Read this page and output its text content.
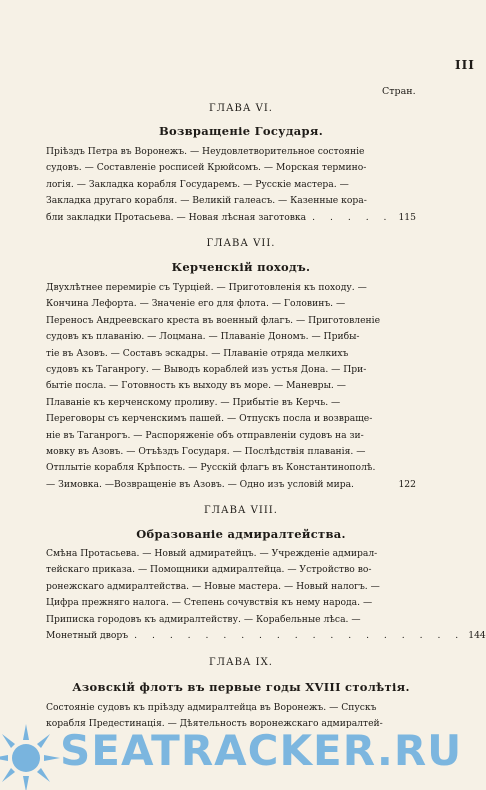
III
Стран.
ГЛАВА VI.
Возвращеніе Государя.
Пріѣздъ Петра въ Воронежъ. — Неудовлетворительное состояніе
судовъ. — Составленіе росписей Крюйсомъ. — Морская термино-
логія. — Закладка корабля Государемъ. — Русскіе мастера. —
Закладка другаго корабля. — Великій галеасъ. — Казенные кора-
бли закладки Протасьева. — Новая лѣсная заготовка . . . . . 115
ГЛАВА VII.
Керченскій походъ.
Двухлѣтнее перемиріе съ Турціей. — Приготовленія къ походу. —
Кончина Лефорта. — Значеніе его для флота. — Головинъ. —
Переносъ Андреевскаго креста въ военный флагъ. — Приготовленіе
судовъ къ плаванію. — Лоцмана. — Плаваніе Дономъ. — Прибы-
тіе въ Азовъ. — Составъ эскадры. — Плаваніе отряда мелкихъ
судовъ къ Таганрогу. — Выводъ кораблей изъ устья Дона. — При-
бытіе посла. — Готовность къ выходу въ море. — Маневры. —
Плаваніе къ керченскому проливу. — Прибытіе въ Керчь. —
Переговоры съ керченскимъ пашей. — Отпускъ посла и возвраще-
ніе въ Таганрогъ. — Распоряженіе объ отправленіи судовъ на зи-
мовку въ Азовъ. — Отъѣздъ Государя. — Послѣдствія плаванія. —
Отплытіе корабля Крѣпость. — Русскій флагъ въ Константинополѣ.
— Зимовка. —Возвращеніе въ Азовъ. — Одно изъ условій мира.	122
ГЛАВА VIII.
Образованіе адмиралтейства.
Смѣна Протасьева. — Новый адмиратейцъ. — Учрежденіе адмирал-
тейскаго приказа. — Помощники адмиралтейца. — Устройство во-
ронежскаго адмиралтейства. — Новые мастера. — Новый налогъ. —
Цифра прежняго налога. — Степень сочувствія къ нему народа. —
Приписка городовъ къ адмиралтейству. — Корабельные лѣса. —
Монетный дворъ . . . . . . . . . . . . . . . . . . . 144
ГЛАВА IX.
Азовскій флотъ въ первые годы XVIII столѣтія.
Состояніе судовъ къ пріѣзду адмиралтейца въ Воронежъ. — Спускъ
корабля Предестинація. — Дѣятельность воронежскаго адмиралтей-
SEATRACKER.RU
